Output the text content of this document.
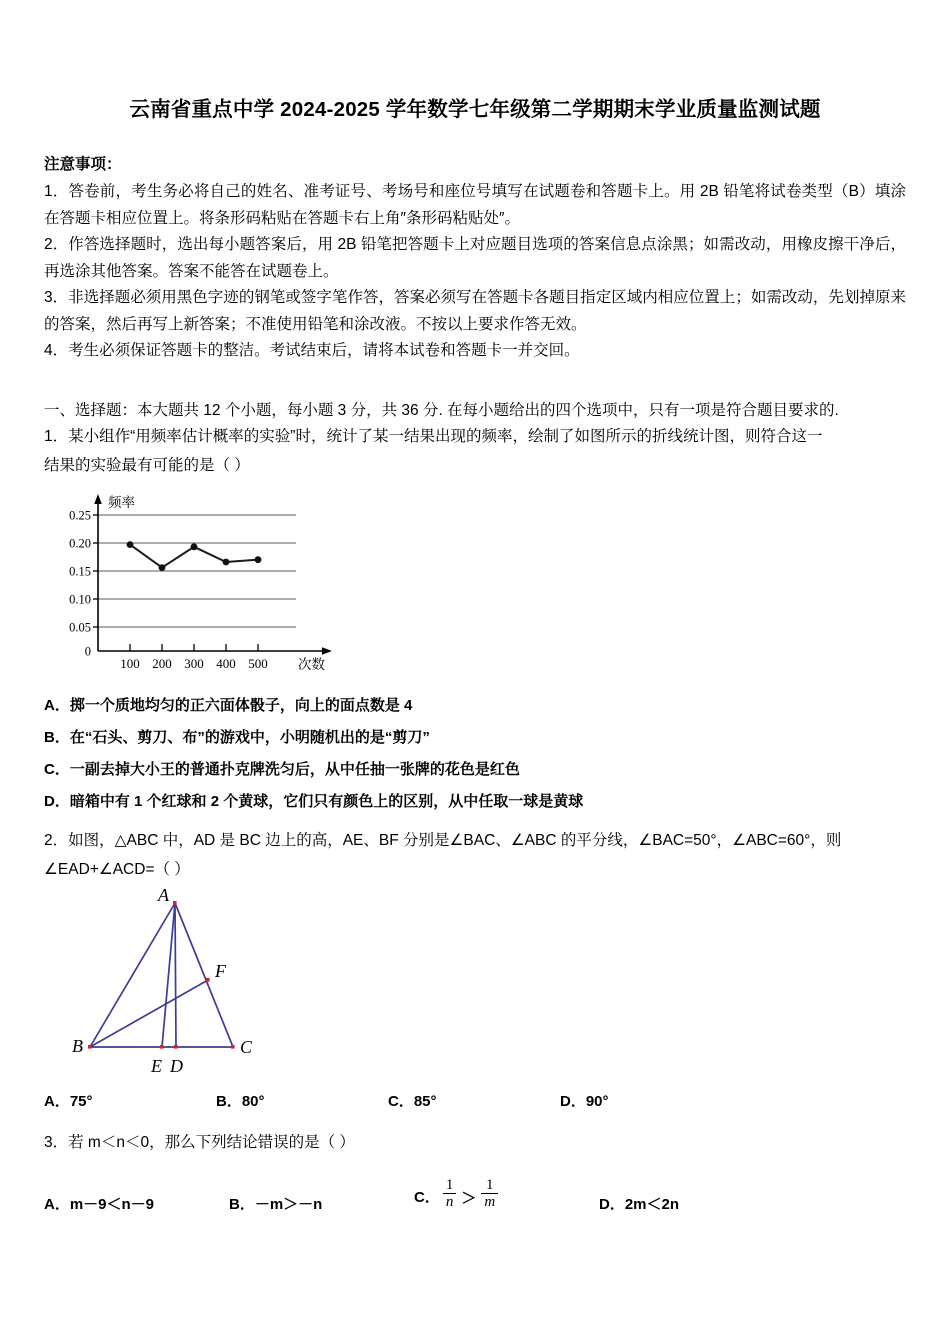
云南省重点中学 2024-2025 学年数学七年级第二学期期末学业质量监测试题
注意事项：

1．答卷前，考生务必将自己的姓名、准考证号、考场号和座位号填写在试题卷和答题卡上。用 2B 铅笔将试卷类型（B）填涂在答题卡相应位置上。将条形码粘贴在答题卡右上角″条形码粘贴处″。

2．作答选择题时，选出每小题答案后，用 2B 铅笔把答题卡上对应题目选项的答案信息点涂黑；如需改动，用橡皮擦干净后，再选涂其他答案。答案不能答在试题卷上。

3．非选择题必须用黑色字迹的钢笔或签字笔作答，答案必须写在答题卡各题目指定区域内相应位置上；如需改动，先划掉原来的答案，然后再写上新答案；不准使用铅笔和涂改液。不按以上要求作答无效。

4．考生必须保证答题卡的整洁。考试结束后，请将本试卷和答题卡一并交回。

一、选择题：本大题共 12 个小题，每小题 3 分，共 36 分. 在每小题给出的四个选项中，只有一项是符合题目要求的.
1．某小组作“用频率估计概率的实验”时，统计了某一结果出现的频率，绘制了如图所示的折线统计图，则符合这一
结果的实验最有可能的是（ ）
0.25
0.20
0.15
0.10
0.05
0
100 200 300 400 500
频率
次数

A．掷一个质地均匀的正六面体骰子，向上的面点数是 4

B．在“石头、剪刀、布”的游戏中，小明随机出的是“剪刀”

C．一副去掉大小王的普通扑克牌洗匀后，从中任抽一张牌的花色是红色

D．暗箱中有 1 个红球和 2 个黄球，它们只有颜色上的区别，从中任取一球是黄球

2．如图，△ABC 中，AD 是 BC 边上的高，AE、BF 分别是∠BAC、∠ABC 的平分线，∠BAC=50°，∠ABC=60°，则
∠EAD+∠ACD=（ ）
A
B	C
D
E
F
A．75°	B．80°	C．85°	D．90°
3．若 m＜n＜0，那么下列结论错误的是（ ）
A．m－9＜n－9	B．－m＞－n	C． $\frac{1}{n} > \frac{1}{m}$	D．2m＜2n
